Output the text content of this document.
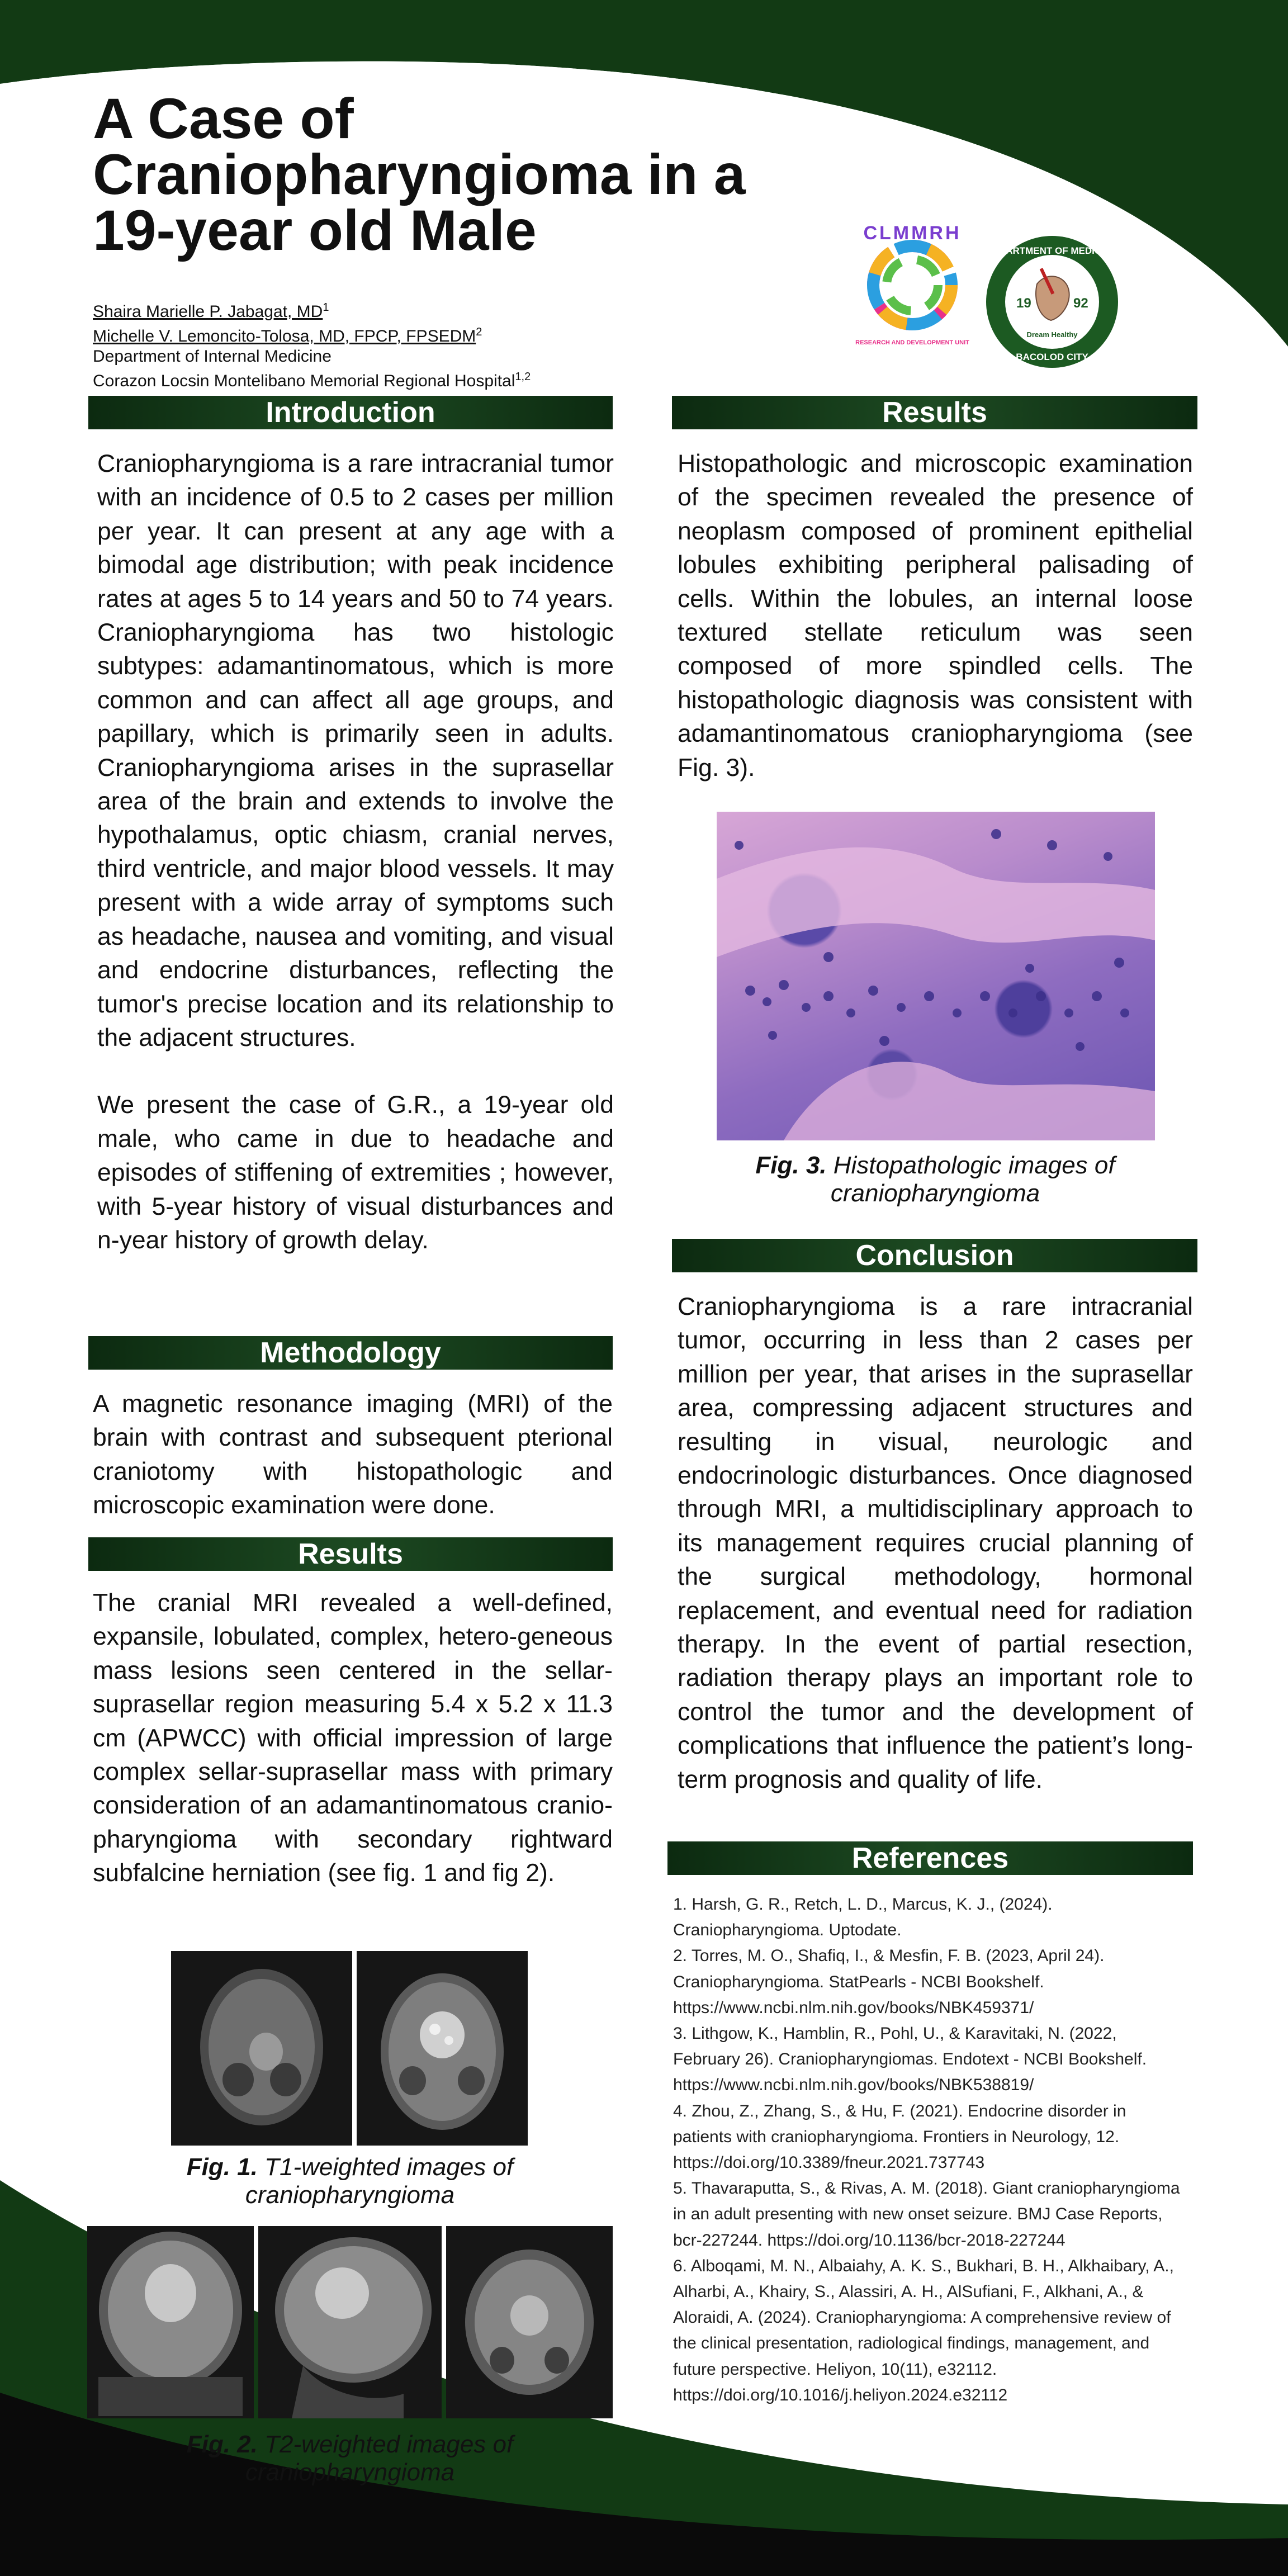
A Case of Craniopharyngioma in a 19-year old Male
Shaira Marielle P. Jabagat, $MD^1$
Michelle V. Lemoncito-Tolosa, MD, FPCP, FPSEDM$^2$
Department of Internal Medicine
Corazon Locsin Montelibano Memorial Regional Hospital$^{1,2}$
CLMMRH
RESEARCH AND DEVELOPMENT UNIT
DEPARTMENT OF MEDICINE
BACOLOD CITY
19	92
Dream Healthy
Introduction

Craniopharyngioma is a rare intracranial tumor with an incidence of 0.5 to 2 cases per million per year. It can present at any age with a bimodal age distribution; with peak incidence rates at ages 5 to 14 years and 50 to 74 years. Craniopharyngioma has two histologic subtypes: adamantinomatous, which is more common and can affect all age groups, and papillary, which is primarily seen in adults. Craniopharyngioma arises in the suprasellar area of the brain and extends to involve the hypothalamus, optic chiasm, cranial nerves, third ventricle, and major blood vessels. It may present with a wide array of symptoms such as headache, nausea and vomiting, and visual and endocrine disturbances, reflecting the tumor's precise location and its relationship to the adjacent structures.

We present the case of G.R., a 19-year old male, who came in due to headache and episodes of stiffening of extremities ; however, with 5-year history of visual disturbances and n-year history of growth delay.

Methodology
A magnetic resonance imaging (MRI) of the brain with contrast and subsequent pterional craniotomy with histopathologic and microscopic examination were done.
Results
The cranial MRI revealed a well-defined, expansile, lobulated, complex, hetero-geneous mass lesions seen centered in the sellar-suprasellar region measuring 5.4 x 5.2 x 11.3 cm (APWCC) with official impression of large complex sellar-suprasellar mass with primary consideration of an adamantinomatous cranio-pharyngioma with secondary rightward subfalcine herniation (see fig. 1 and fig 2).
Fig. 1. T1-weighted images of craniopharyngioma
Fig. 2. T2-weighted images of craniopharyngioma
Results
Histopathologic and microscopic examination of the specimen revealed the presence of neoplasm composed of prominent epithelial lobules exhibiting peripheral palisading of cells. Within the lobules, an internal loose textured stellate reticulum was seen composed of more spindled cells. The histopathologic diagnosis was consistent with adamantinomatous craniopharyngioma (see Fig. 3).
Fig. 3. Histopathologic images of craniopharyngioma
Conclusion
Craniopharyngioma is a rare intracranial tumor, occurring in less than 2 cases per million per year, that arises in the suprasellar area, compressing adjacent structures and resulting in visual, neurologic and endocrinologic disturbances. Once diagnosed through MRI, a multidisciplinary approach to its management requires crucial planning of the surgical methodology, hormonal replacement, and eventual need for radiation therapy. In the event of partial resection, radiation therapy plays an important role to control the tumor and the development of complications that influence the patient’s long-term prognosis and quality of life.
References
1. Harsh, G. R., Retch, L. D., Marcus, K. J., (2024). Craniopharyngioma. Uptodate.
2. Torres, M. O., Shafiq, I., & Mesfin, F. B. (2023, April 24). Craniopharyngioma. StatPearls - NCBI Bookshelf. https://www.ncbi.nlm.nih.gov/books/NBK459371/
3. Lithgow, K., Hamblin, R., Pohl, U., & Karavitaki, N. (2022, February 26). Craniopharyngiomas. Endotext - NCBI Bookshelf. https://www.ncbi.nlm.nih.gov/books/NBK538819/
4. Zhou, Z., Zhang, S., & Hu, F. (2021). Endocrine disorder in patients with craniopharyngioma. Frontiers in Neurology, 12. https://doi.org/10.3389/fneur.2021.737743
5. Thavaraputta, S., & Rivas, A. M. (2018). Giant craniopharyngioma in an adult presenting with new onset seizure. BMJ Case Reports, bcr-227244. https://doi.org/10.1136/bcr-2018-227244
6. Alboqami, M. N., Albaiahy, A. K. S., Bukhari, B. H., Alkhaibary, A., Alharbi, A., Khairy, S., Alassiri, A. H., AlSufiani, F., Alkhani, A., & Aloraidi, A. (2024). Craniopharyngioma: A comprehensive review of the clinical presentation, radiological findings, management, and future perspective. Heliyon, 10(11), e32112. https://doi.org/10.1016/j.heliyon.2024.e32112
